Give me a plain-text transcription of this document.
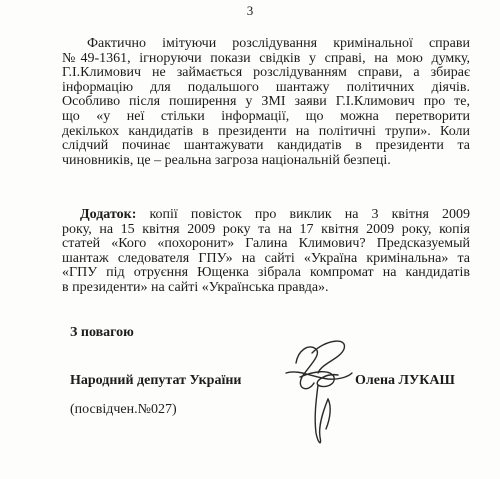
3
Фактично імітуючи розслідування кримінальної справи
№49-1361, ігноруючи покази свідків у справі, на мою думку,
Г.І.Климович не займається розслідуванням справи, а збирає
інформацію для подальшого шантажу політичних діячів.
Особливо після поширення у ЗМІ заяви Г.І.Климович про те,
що «у неї стільки інформації, що можна перетворити
декількох кандидатів в президенти на політичні трупи». Коли
слідчий починає шантажувати кандидатів в президенти та
чиновників, це – реальна загроза національній безпеці.
Додаток: копії повісток про виклик на 3 квітня 2009
року, на 15 квітня 2009 року та на 17 квітня 2009 року, копія
статей «Кого «похоронит» Галина Климович? Предсказуемый
шантаж следователя ГПУ» на сайті «Україна кримінальна» та
«ГПУ під отруєння Ющенка зібрала компромат на кандидатів
в президенти» на сайті «Українська правда».
З повагою
Народний депутат України	Олена ЛУКАШ
(посвідчен.№027)
